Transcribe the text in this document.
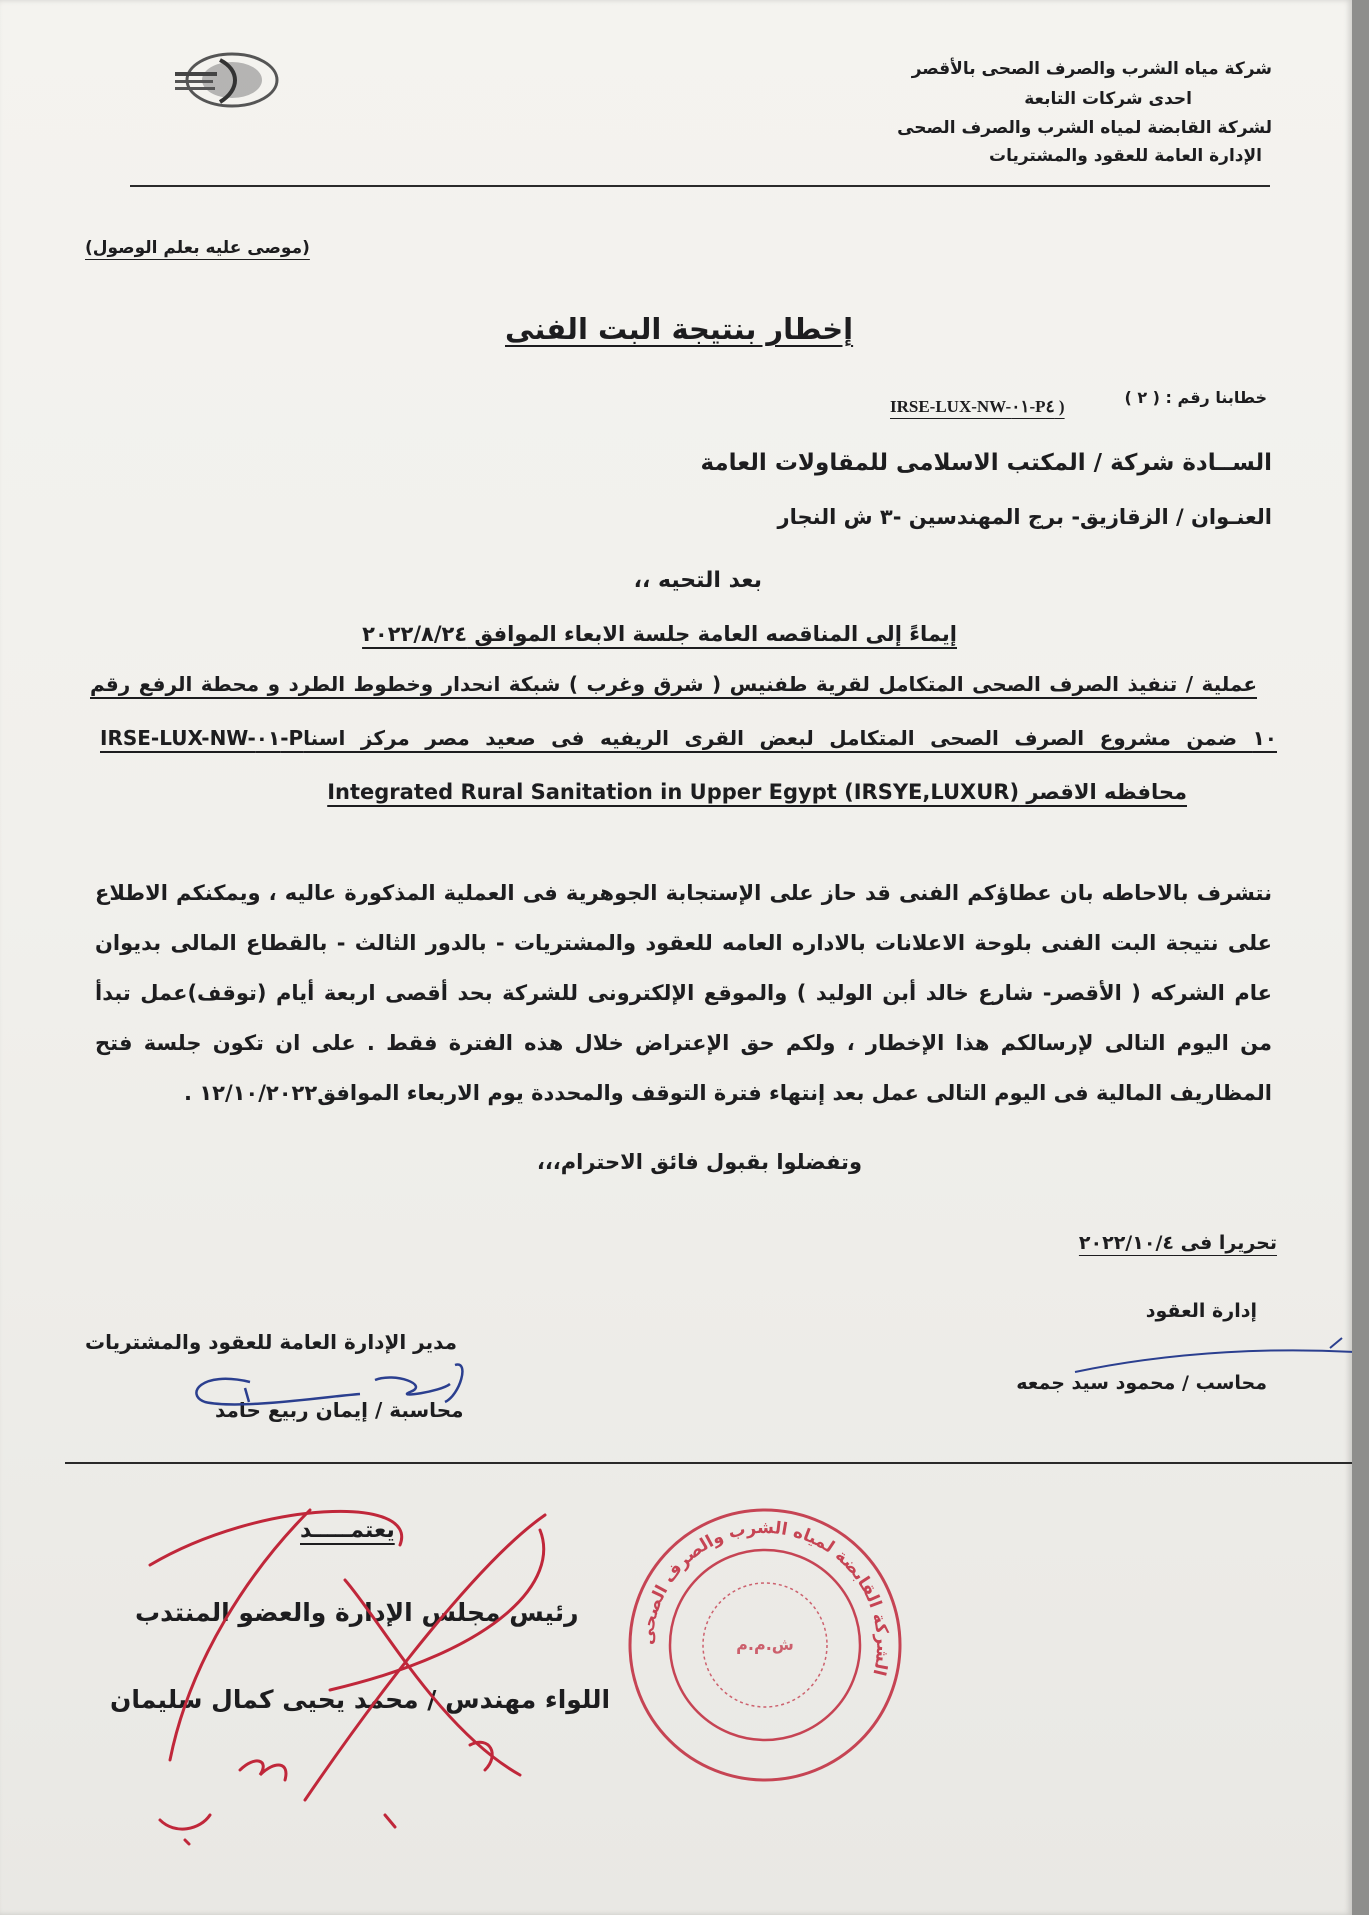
شركة مياه الشرب والصرف الصحى بالأقصر
احدى شركات التابعة
لشركة القابضة لمياه الشرب والصرف الصحى
الإدارة العامة للعقود والمشتريات
(موصى عليه بعلم الوصول)
إخطار بنتيجة البت الفنى
خطابنا رقم : ( ٢ )
IRSE-LUX-NW-٠١-P٤ )
الســادة شركة / المكتب الاسلامى للمقاولات العامة
العنـوان / الزقازيق- برج المهندسين -٣ ش النجار
بعد التحيه ،،
إيماءً إلى المناقصه العامة جلسة الابعاء الموافق ٢٠٢٢/٨/٢٤
عملية / تنفيذ الصرف الصحى المتكامل لقرية طفنيس ( شرق وغرب ) شبكة انحدار وخطوط الطرد و محطة الرفع رقم
IRSE-LUX-NW-٠١-P١٠ ضمن مشروع الصرف الصحى المتكامل لبعض القرى الريفيه فى صعيد مصر مركز اسنا
محافظه الاقصر Integrated Rural Sanitation in Upper Egypt (IRSYE,LUXUR)
نتشرف بالاحاطه بان عطاؤكم الفنى قد حاز على الإستجابة الجوهرية فى العملية المذكورة عاليه ، ويمكنكم الاطلاع على نتيجة البت الفنى بلوحة الاعلانات بالاداره العامه للعقود والمشتريات - بالدور الثالث - بالقطاع المالى بديوان عام الشركه ( الأقصر- شارع خالد أبن الوليد ) والموقع الإلكترونى للشركة بحد أقصى اربعة أيام (توقف)عمل تبدأ من اليوم التالى لإرسالكم هذا الإخطار ، ولكم حق الإعتراض خلال هذه الفترة فقط . على ان تكون جلسة فتح المظاريف المالية فى اليوم التالى عمل بعد إنتهاء فترة التوقف والمحددة يوم الاربعاء الموافق١٢/١٠/٢٠٢٢ .
وتفضلوا بقبول فائق الاحترام،،،
تحريرا فى ٢٠٢٢/١٠/٤
إدارة العقود
محاسب / محمود سيد جمعه
مدير الإدارة العامة للعقود والمشتريات
محاسبة / إيمان ربيع حامد
يعتمـــــد
رئيس مجلس الإدارة والعضو المنتدب
اللواء مهندس / محمد يحيى كمال سليمان
الشركة القابضة لمياه الشرب والصرف الصحى
ش.م.م
